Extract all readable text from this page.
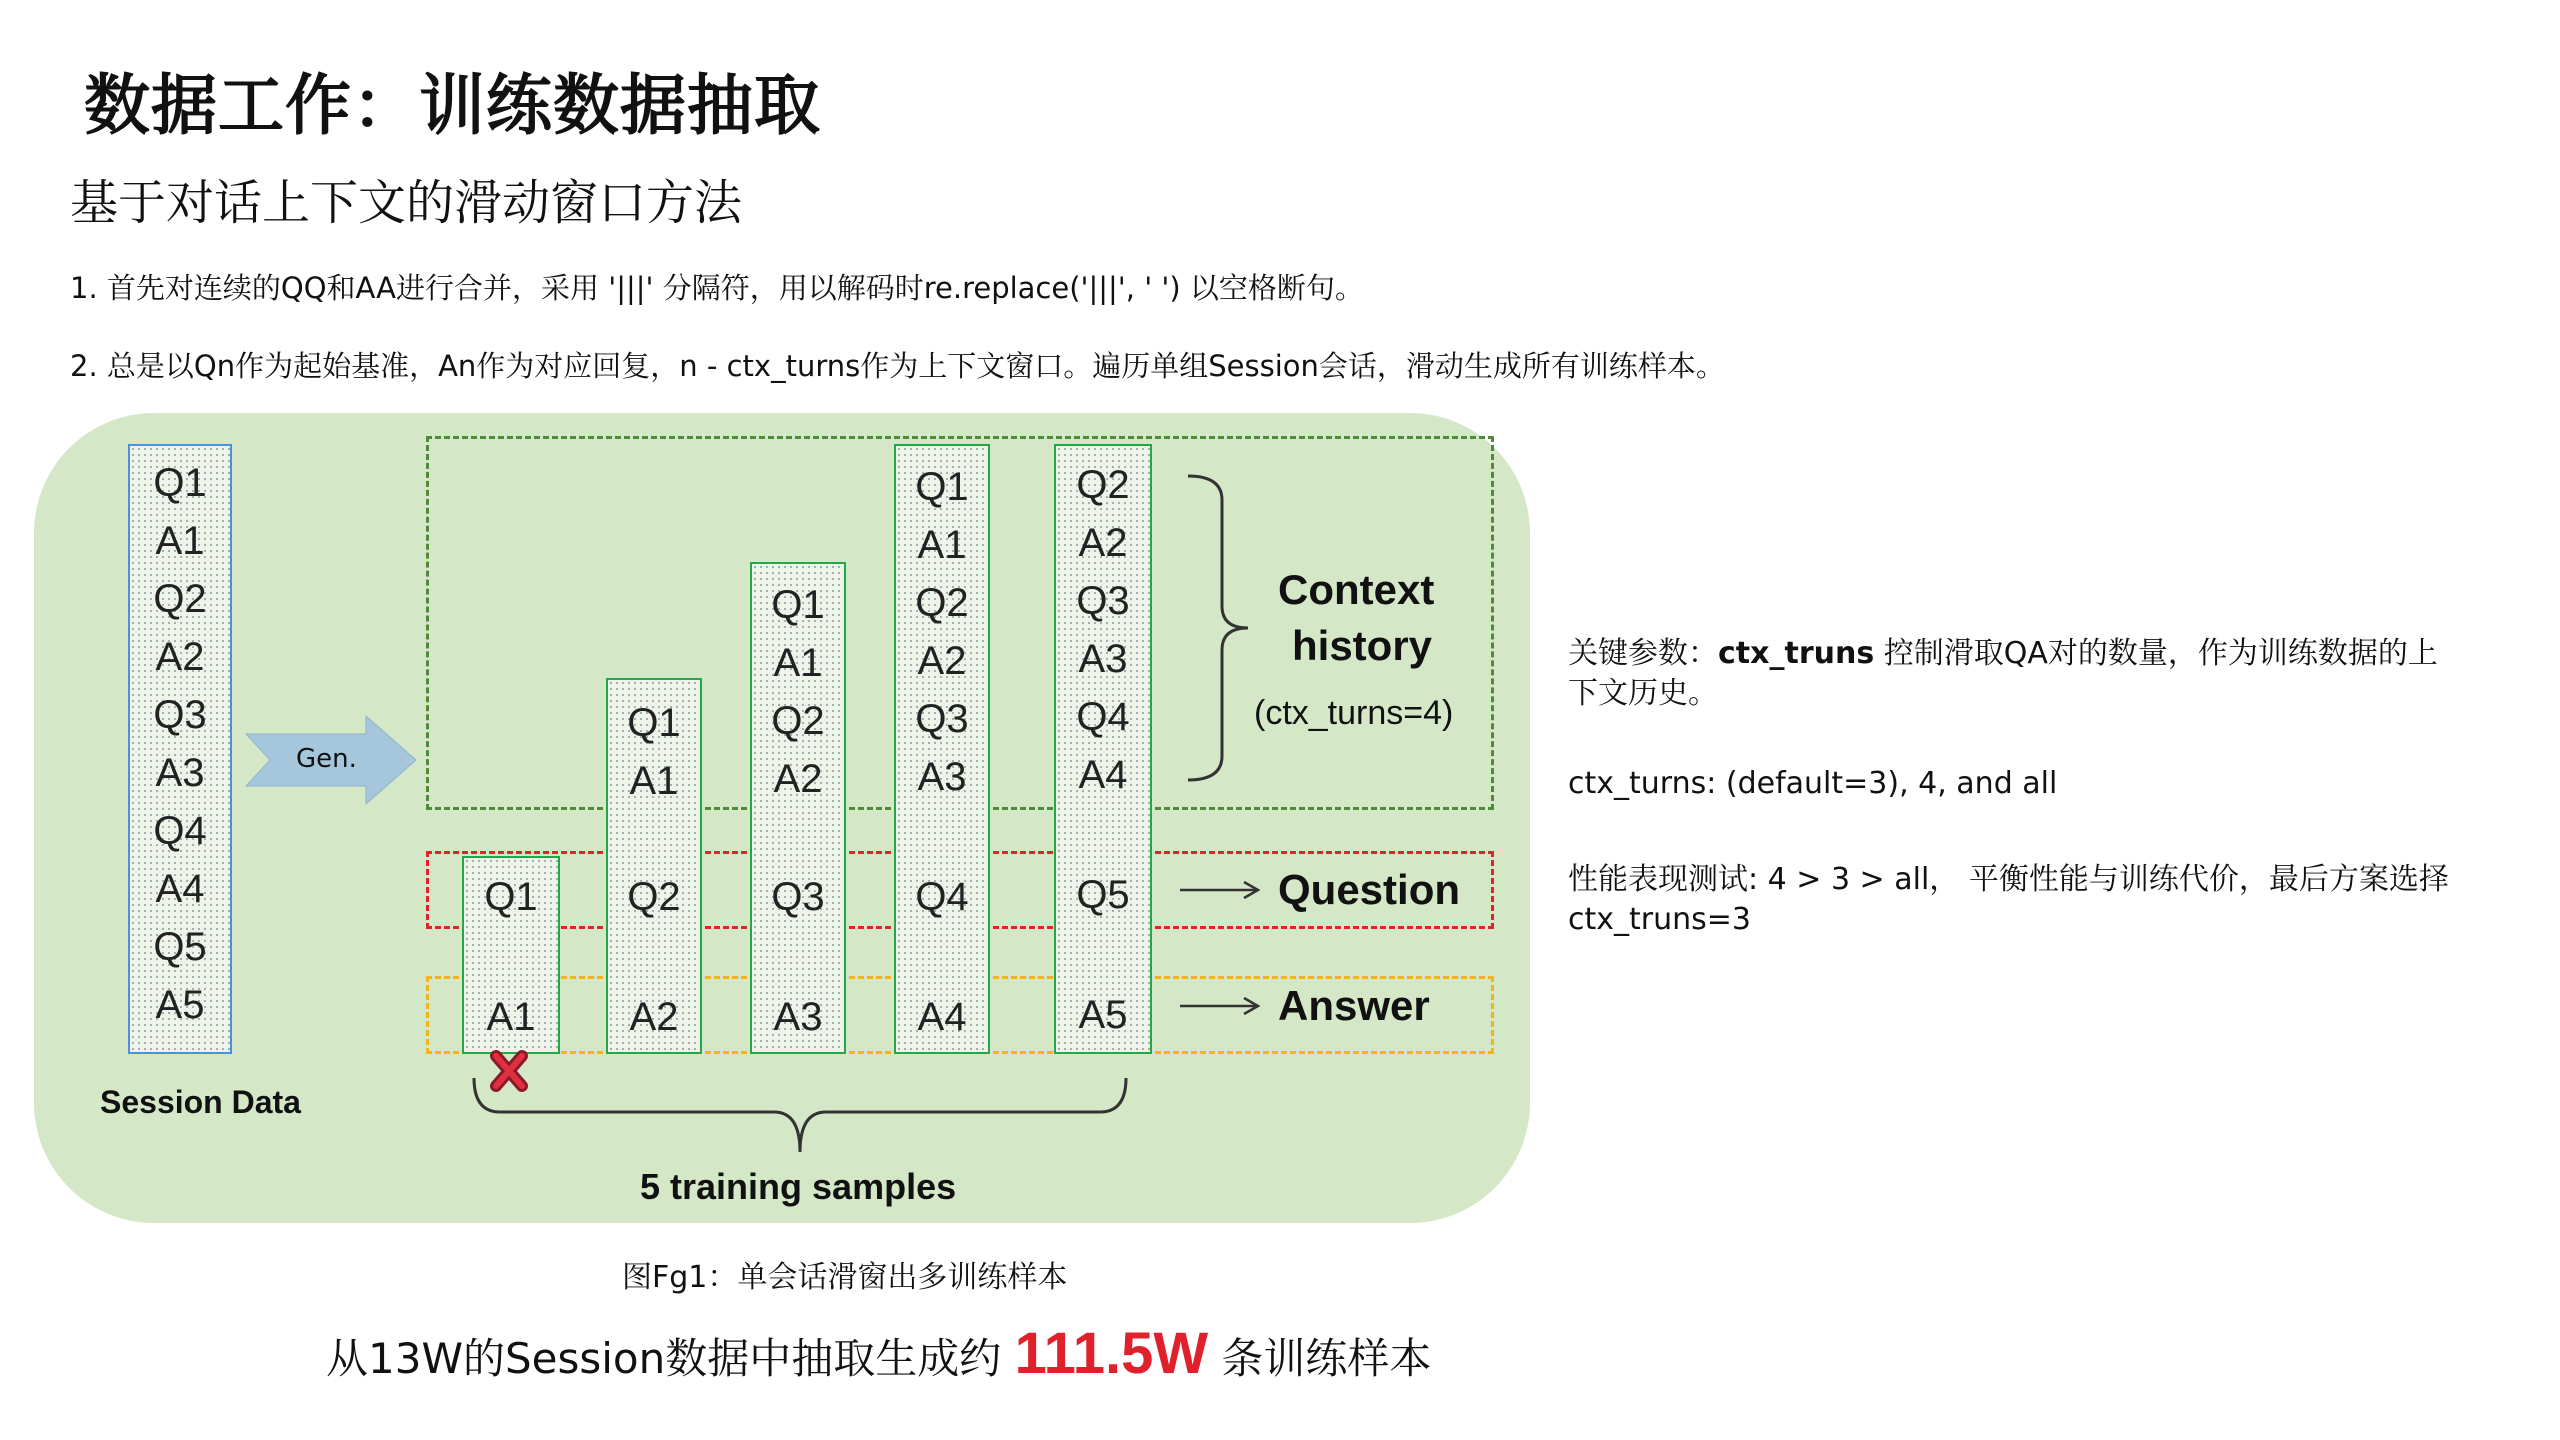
数据工作：训练数据抽取
基于对话上下文的滑动窗口方法
1. 首先对连续的QQ和AA进行合并，采用 '|||' 分隔符，用以解码时re.replace('|||', ' ') 以空格断句。
2. 总是以Qn作为起始基准，An作为对应回复，n - ctx_turns作为上下文窗口。遍历单组Session会话，滑动生成所有训练样本。
Q1
A1
Q2
A2
Q3
A3
Q4
A4
Q5
A5
Q1
A1
Q1
A1
Q2
A2
Q1
A1
Q2
A2
Q3
A3
Q1
A1
Q2
A2
Q3
A3
Q4
A4
Q2
A2
Q3
A3
Q4
A4
Q5
A5
Gen.
Context
history
(ctx_turns=4)
Question
Answer
Session Data
5 training samples
图Fg1：单会话滑窗出多训练样本
从13W的Session数据中抽取生成约 111.5W 条训练样本
关键参数：ctx_truns 控制滑取QA对的数量，作为训练数据的上
下文历史。
ctx_turns: (default=3), 4, and all
性能表现测试: 4 > 3 > all， 平衡性能与训练代价，最后方案选择
ctx_truns=3
